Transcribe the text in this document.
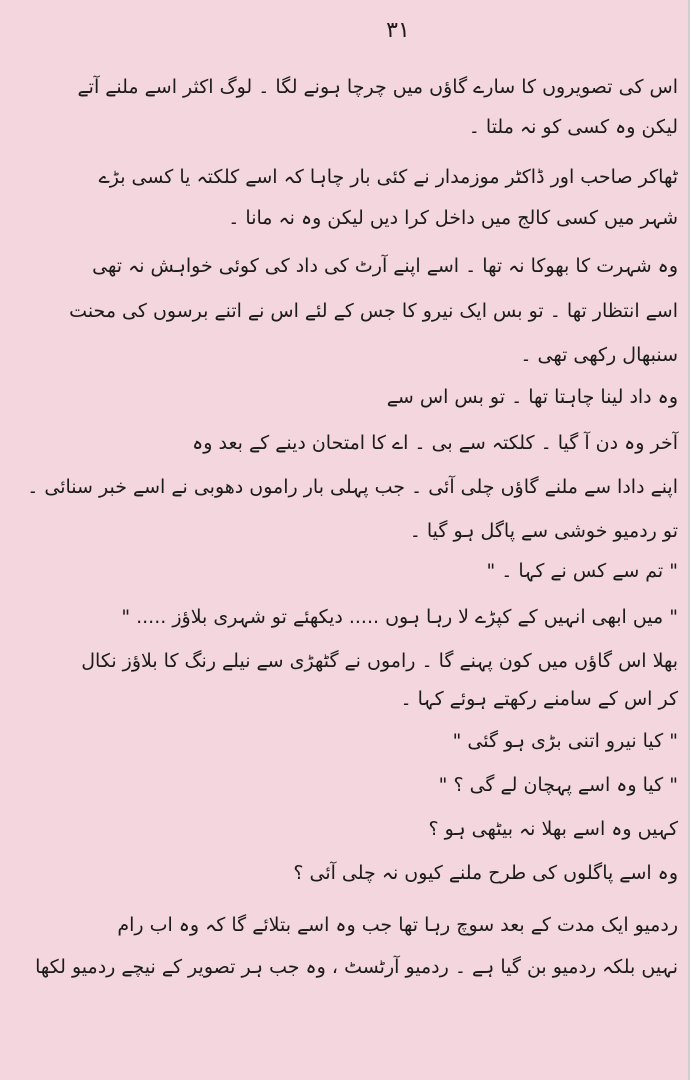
۳۱
اس کی تصویروں کا سارے گاؤں میں چرچا ہونے لگا ۔ لوگ اکثر اسے ملنے آتے
لیکن وہ کسی کو نہ ملتا ۔
ٹھاکر صاحب اور ڈاکٹر موزمدار نے کئی بار چاہا کہ اسے کلکتہ یا کسی بڑے
شہر میں کسی کالج میں داخل کرا دیں لیکن وہ نہ مانا ۔
وہ شہرت کا بھوکا نہ تھا ۔ اسے اپنے آرٹ کی داد کی کوئی خواہش نہ تھی
اسے انتظار تھا ۔ تو بس ایک نیرو کا جس کے لئے اس نے اتنے برسوں کی محنت
سنبھال رکھی تھی ۔
وہ داد لینا چاہتا تھا ۔ تو بس اس سے
آخر وہ دن آ گیا ۔ کلکتہ سے بی ۔ اے کا امتحان دینے کے بعد وہ
اپنے دادا سے ملنے گاؤں چلی آئی ۔ جب پہلی بار راموں دھوبی نے اسے خبر سنائی ۔
تو ردمیو خوشی سے پاگل ہو گیا ۔
" تم سے کس نے کہا ۔ "
" میں ابھی انہیں کے کپڑے لا رہا ہوں ..... دیکھئے تو شہری بلاؤز ..... "
بھلا اس گاؤں میں کون پہنے گا ۔ راموں نے گٹھڑی سے نیلے رنگ کا بلاؤز نکال
کر اس کے سامنے رکھتے ہوئے کہا ۔
" کیا نیرو اتنی بڑی ہو گئی "
" کیا وہ اسے پہچان لے گی ؟ "
کہیں وہ اسے بھلا نہ بیٹھی ہو ؟
وہ اسے پاگلوں کی طرح ملنے کیوں نہ چلی آئی ؟
ردمیو ایک مدت کے بعد سوچ رہا تھا جب وہ اسے بتلائے گا کہ وہ اب رام
نہیں بلکہ ردمیو بن گیا ہے ۔ ردمیو آرٹسٹ ، وہ جب ہر تصویر کے نیچے ردمیو لکھا
